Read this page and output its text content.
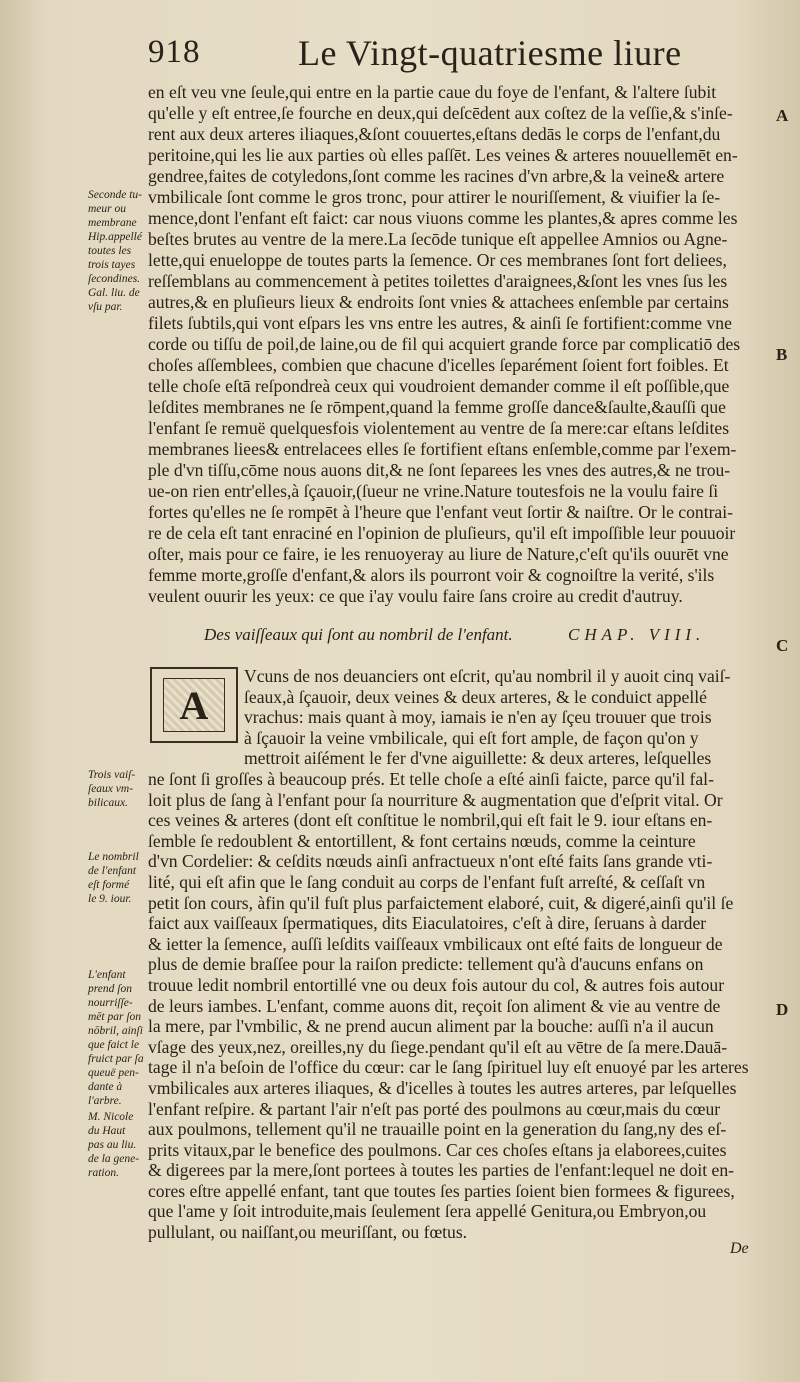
918	Le Vingt-quatriesme liure
en eſt veu vne ſeule,qui entre en la partie caue du foye de l'enfant, & l'altere ſubit
qu'elle y eſt entree,ſe fourche en deux,qui deſcēdent aux coſtez de la veſſie,& s'inſe-
rent aux deux arteres iliaques,&ſont couuertes,eſtans dedās le corps de l'enfant,du
peritoine,qui les lie aux parties où elles paſſēt. Les veines & arteres nouuellemēt en-
gendree,faites de cotyledons,ſont comme les racines d'vn arbre,& la veine& artere
vmbilicale ſont comme le gros tronc, pour attirer le nouriſſement, & viuifier la ſe-
mence,dont l'enfant eſt faict: car nous viuons comme les plantes,& apres comme les
beſtes brutes au ventre de la mere.La ſecōde tunique eſt appellee Amnios ou Agne-
lette,qui enueloppe de toutes parts la ſemence. Or ces membranes ſont fort deliees,
reſſemblans au commencement à petites toilettes d'araignees,&ſont les vnes ſus les
autres,& en pluſieurs lieux & endroits ſont vnies & attachees enſemble par certains
filets ſubtils,qui vont eſpars les vns entre les autres, & ainſi ſe fortifient:comme vne
corde ou tiſſu de poil,de laine,ou de fil qui acquiert grande force par complicatiō des
choſes aſſemblees, combien que chacune d'icelles ſeparément ſoient fort foibles. Et
telle choſe eſtā reſpondreà ceux qui voudroient demander comme il eſt poſſible,que
leſdites membranes ne ſe rōmpent,quand la femme groſſe dance&ſaulte,&auſſi que
l'enfant ſe remuë quelquesfois violentement au ventre de ſa mere:car eſtans leſdites
membranes liees& entrelacees elles ſe fortifient eſtans enſemble,comme par l'exem-
ple d'vn tiſſu,cōme nous auons dit,& ne ſont ſeparees les vnes des autres,& ne trou-
ue-on rien entr'elles,à ſçauoir,(ſueur ne vrine.Nature toutesfois ne la voulu faire ſi
fortes qu'elles ne ſe rompēt à l'heure que l'enfant veut ſortir & naiſtre. Or le contrai-
re de cela eſt tant enraciné en l'opinion de pluſieurs, qu'il eſt impoſſible leur pouuoir
oſter, mais pour ce faire, ie les renuoyeray au liure de Nature,c'eſt qu'ils ouurēt vne
femme morte,groſſe d'enfant,& alors ils pourront voir & cognoiſtre la verité, s'ils
veulent ouurir les yeux: ce que i'ay voulu faire ſans croire au credit d'autruy.
Seconde tu-
meur ou
membrane
Hip.appellé
toutes les
trois tayes
ſecondines.
Gal. liu. de
vſu par.
A
B
C
D
Des vaiſſeaux qui ſont au nombril de l'enfant.	CHAP. VIII.
A
Vcuns de nos deuanciers ont eſcrit, qu'au nombril il y auoit cinq vaiſ-
ſeaux,à ſçauoir, deux veines & deux arteres, & le conduict appellé
vrachus: mais quant à moy, iamais ie n'en ay ſçeu trouuer que trois
à ſçauoir la veine vmbilicale, qui eſt fort ample, de façon qu'on y
mettroit aiſément le fer d'vne aiguillette: & deux arteres, leſquelles
ne ſont ſi groſſes à beaucoup prés. Et telle choſe a eſté ainſi faicte, parce qu'il fal-
loit plus de ſang à l'enfant pour ſa nourriture & augmentation que d'eſprit vital. Or
ces veines & arteres (dont eſt conſtitue le nombril,qui eſt fait le 9. iour eſtans en-
ſemble ſe redoublent & entortillent, & font certains nœuds, comme la ceinture
d'vn Cordelier: & ceſdits nœuds ainſi anfractueux n'ont eſté faits ſans grande vti-
lité, qui eſt afin que le ſang conduit au corps de l'enfant fuſt arreſté, & ceſſaſt vn
petit ſon cours, àfin qu'il fuſt plus parfaictement elaboré, cuit, & digeré,ainſi qu'il ſe
faict aux vaiſſeaux ſpermatiques, dits Eiaculatoires, c'eſt à dire, ſeruans à darder
& ietter la ſemence, auſſi leſdits vaiſſeaux vmbilicaux ont eſté faits de longueur de
plus de demie braſſee pour la raiſon predicte: tellement qu'à d'aucuns enfans on
trouue ledit nombril entortillé vne ou deux fois autour du col, & autres fois autour
de leurs iambes. L'enfant, comme auons dit, reçoit ſon aliment & vie au ventre de
la mere, par l'vmbilic, & ne prend aucun aliment par la bouche: auſſi n'a il aucun
vſage des yeux,nez, oreilles,ny du ſiege.pendant qu'il eſt au vētre de ſa mere.Dauā-
tage il n'a beſoin de l'office du cœur: car le ſang ſpirituel luy eſt enuoyé par les arteres
vmbilicales aux arteres iliaques, & d'icelles à toutes les autres arteres, par leſquelles
l'enfant reſpire. & partant l'air n'eſt pas porté des poulmons au cœur,mais du cœur
aux poulmons, tellement qu'il ne trauaille point en la generation du ſang,ny des eſ-
prits vitaux,par le benefice des poulmons. Car ces choſes eſtans ja elaborees,cuites
& digerees par la mere,ſont portees à toutes les parties de l'enfant:lequel ne doit en-
cores eſtre appellé enfant, tant que toutes ſes parties ſoient bien formees & figurees,
que l'ame y ſoit introduite,mais ſeulement ſera appellé Genitura,ou Embryon,ou
pullulant, ou naiſſant,ou meuriſſant, ou fœtus.
Trois vaiſ-
ſeaux vm-
bilicaux.
Le nombril
de l'enfant
eſt formé
le 9. iour.
L'enfant
prend ſon
nourriſſe-
mēt par ſon
nōbril, ainſi
que faict le
fruict par ſa
queuë pen-
dante à
l'arbre.
M. Nicole
du Haut
pas au liu.
de la gene-
ration.
De
